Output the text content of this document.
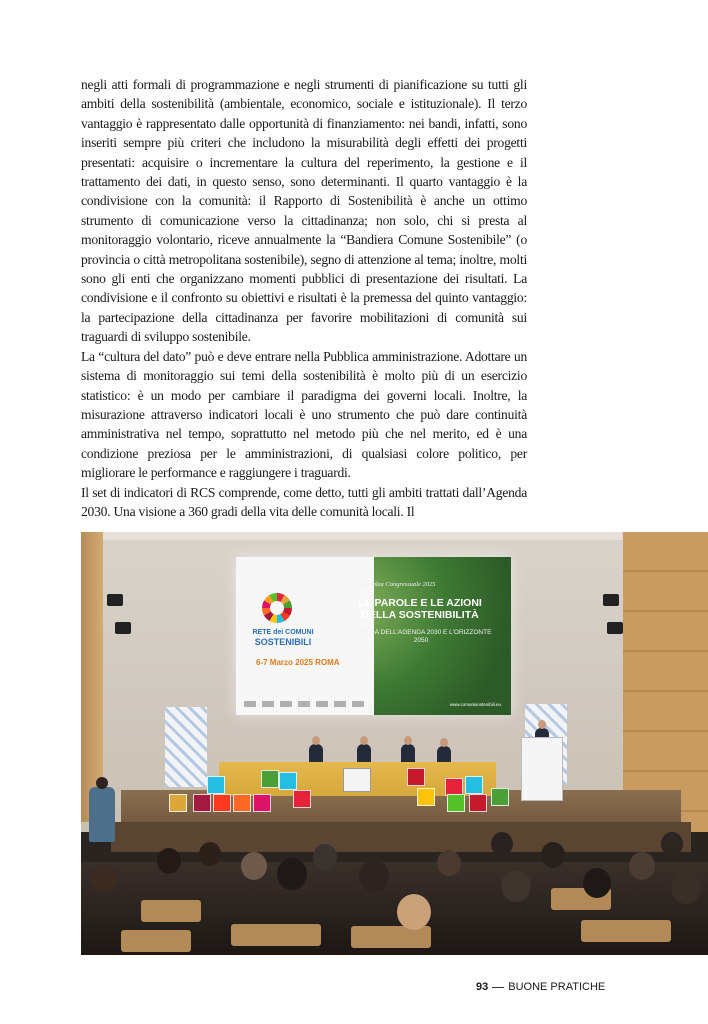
negli atti formali di programmazione e negli strumenti di pianificazione su tutti gli ambiti della sostenibilità (ambientale, economico, sociale e istituzionale). Il terzo vantaggio è rappresentato dalle opportunità di finanziamento: nei bandi, infatti, sono inseriti sempre più criteri che includono la misurabilità degli effetti dei progetti presentati: acquisire o incrementare la cultura del reperimento, la gestione e il trattamento dei dati, in questo senso, sono determinanti. Il quarto vantaggio è la condivisione con la comunità: il Rapporto di Sostenibilità è anche un ottimo strumento di comunicazione verso la cittadinanza; non solo, chi si presta al monitoraggio volontario, riceve annualmente la “Bandiera Comune Sostenibile” (o provincia o città metropolitana sostenibile), segno di attenzione al tema; inoltre, molti sono gli enti che organizzano momenti pubblici di presentazione dei risultati. La condivisione e il confronto su obiettivi e risultati è la premessa del quinto vantaggio: la partecipazione della cittadinanza per favorire mobilitazioni di comunità sui traguardi di sviluppo sostenibile.

La “cultura del dato” può e deve entrare nella Pubblica amministrazione. Adottare un sistema di monitoraggio sui temi della sostenibilità è molto più di un esercizio statistico: è un modo per cambiare il paradigma dei governi locali. Inoltre, la misurazione attraverso indicatori locali è uno strumento che può dare continuità amministrativa nel tempo, soprattutto nel metodo più che nel merito, ed è una condizione preziosa per le amministrazioni, di qualsiasi colore politico, per migliorare le performance e raggiungere i traguardi.

Il set di indicatori di RCS comprende, come detto, tutti gli ambiti trattati dall’Agenda 2030. Una visione a 360 gradi della vita delle comunità locali. Il

RETE dei COMUNI
SOSTENIBILI
6-7 Marzo 2025 ROMA
Assemblea Congressuale 2025
LE PAROLE E LE AZIONI DELLA SOSTENIBILITÀ
LA SFIDA DELL’AGENDA 2030 E L’ORIZZONTE 2050
www.comunisostenibili.eu
93 BUONE PRATICHE
